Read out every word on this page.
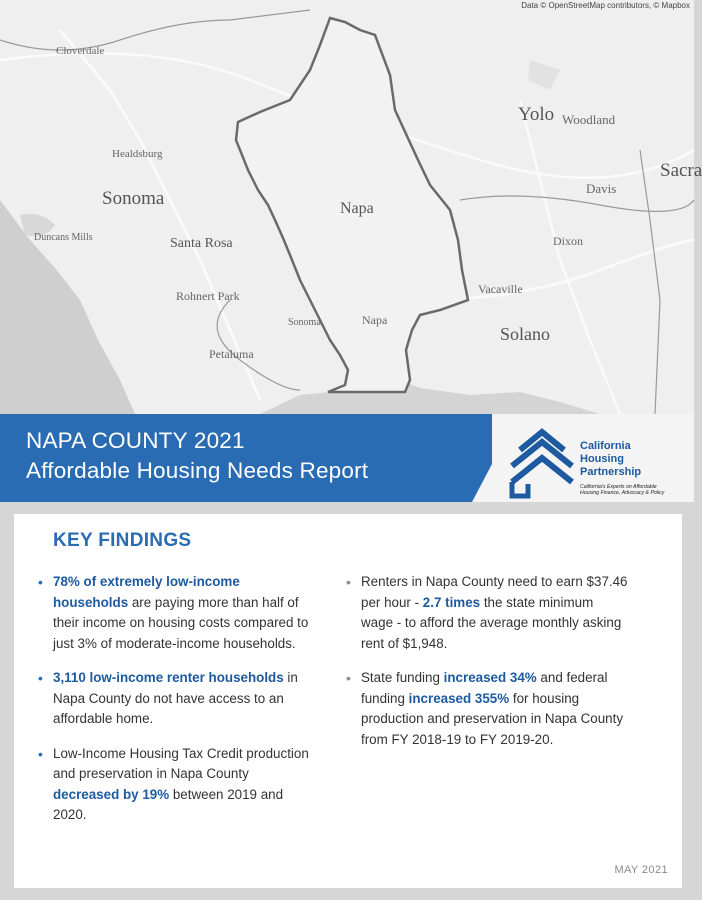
Data © OpenStreetMap contributors, © Mapbox
Yolo
Napa
Sonoma
Solano
Sacra
Cloverdale
Healdsburg
Duncans Mills	Santa Rosa
Rohnert Park
Sonoma
Petaluma
Napa
Woodland
Davis
Dixon
Vacaville
NAPA COUNTY 2021
Affordable Housing Needs Report
California
Housing
Partnership
California's Experts on Affordable
Housing Finance, Advocacy & Policy
KEY FINDINGS
• 78% of extremely low-income households are paying more than half of their income on housing costs compared to just 3% of moderate-income households.
• 3,110 low-income renter households in Napa County do not have access to an affordable home.
• Low-Income Housing Tax Credit production and preservation in Napa County decreased by 19% between 2019 and 2020.
• Renters in Napa County need to earn $37.46 per hour - 2.7 times the state minimum wage - to afford the average monthly asking rent of $1,948.
• State funding increased 34% and federal funding increased 355% for housing production and preservation in Napa County from FY 2018-19 to FY 2019-20.
MAY 2021
